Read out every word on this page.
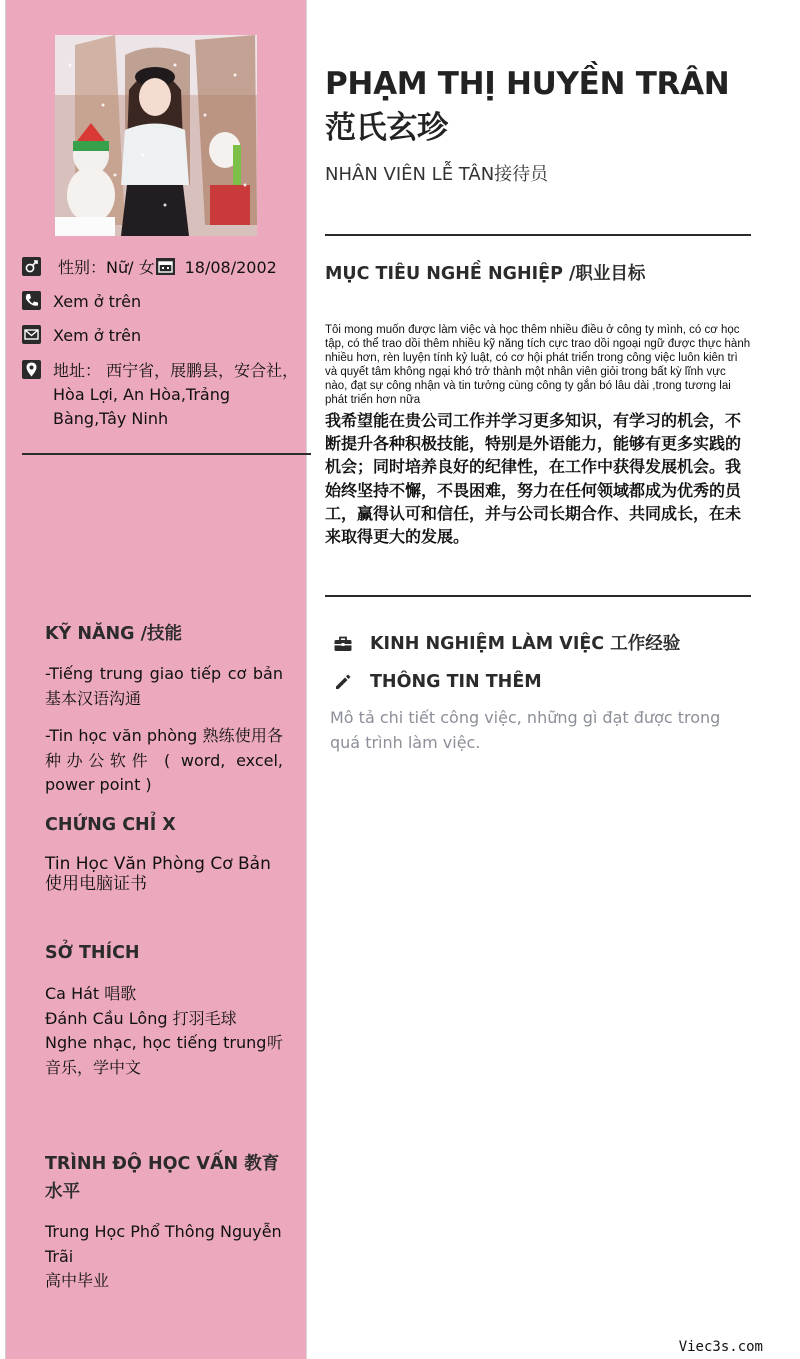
性别：Nữ/ 女 18/08/2002
Xem ở trên
Xem ở trên
地址： 西宁省，展鹏县，安合社，Hòa Lợi, An Hòa,Trảng Bàng,Tây Ninh
KỸ NĂNG /技能
-Tiếng trung giao tiếp cơ bản 基本汉语沟通
-Tin học văn phòng 熟练使用各种办公软件 ( word, excel, power point )
CHỨNG CHỈ X
Tin Học Văn Phòng Cơ Bản
使用电脑证书
SỞ THÍCH
Ca Hát 唱歌
Đánh Cầu Lông 打羽毛球
Nghe nhạc, học tiếng trung听音乐，学中文
TRÌNH ĐỘ HỌC VẤN 教育水平
Trung Học Phổ Thông Nguyễn Trãi
高中毕业
PHẠM THỊ HUYỀN TRÂN 范氏玄珍
NHÂN VIÊN LỄ TÂN接待员
MỤC TIÊU NGHỀ NGHIỆP /职业目标
Tôi mong muốn được làm việc và học thêm nhiều điều ở công ty mình, có cơ học tập, có thể trao dồi thêm nhiều kỹ năng tích cực trao dồi ngoại ngữ được thực hành nhiều hơn, rèn luyện tính kỷ luật, có cơ hội phát triển trong công việc luôn kiên trì và quyết tâm không ngại khó trở thành một nhân viên giỏi trong bất kỳ lĩnh vực nào, đạt sự công nhận và tin tưởng cùng công ty gắn bó lâu dài ,trong tương lai phát triển hơn nữa
我希望能在贵公司工作并学习更多知识，有学习的机会，不断提升各种积极技能，特别是外语能力，能够有更多实践的机会；同时培养良好的纪律性，在工作中获得发展机会。我始终坚持不懈，不畏困难，努力在任何领域都成为优秀的员工，赢得认可和信任，并与公司长期合作、共同成长，在未来取得更大的发展。
KINH NGHIỆM LÀM VIỆC 工作经验
THÔNG TIN THÊM
Mô tả chi tiết công việc, những gì đạt được trong quá trình làm việc.
Viec3s.com
